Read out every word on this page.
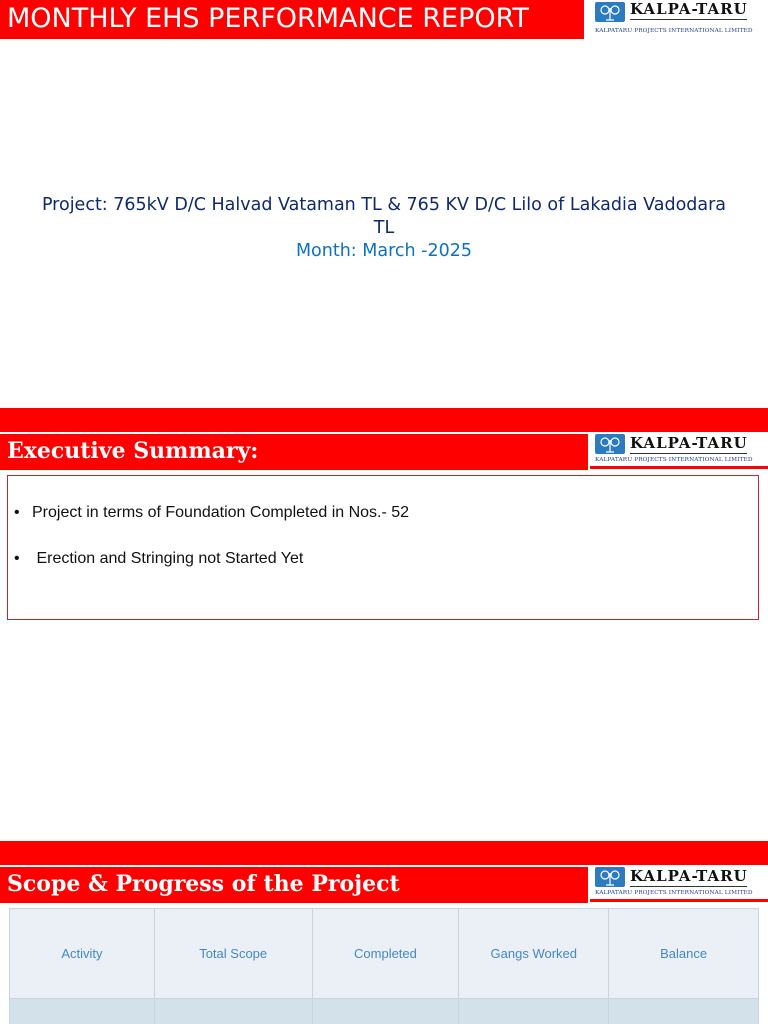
MONTHLY EHS PERFORMANCE REPORT	KALPA-TARU
KALPATARU PROJECTS INTERNATIONAL LIMITED
Project: 765kV D/C Halvad Vataman TL & 765 KV D/C Lilo of Lakadia Vadodara
TL
Month: March -2025
Executive Summary:	KALPA-TARU
KALPATARU PROJECTS INTERNATIONAL LIMITED
• Project in terms of Foundation Completed in Nos.- 52
• Erection and Stringing not Started Yet
Scope & Progress of the Project	KALPA-TARU
KALPATARU PROJECTS INTERNATIONAL LIMITED
Activity	Total Scope	Completed	Gangs Worked	Balance
